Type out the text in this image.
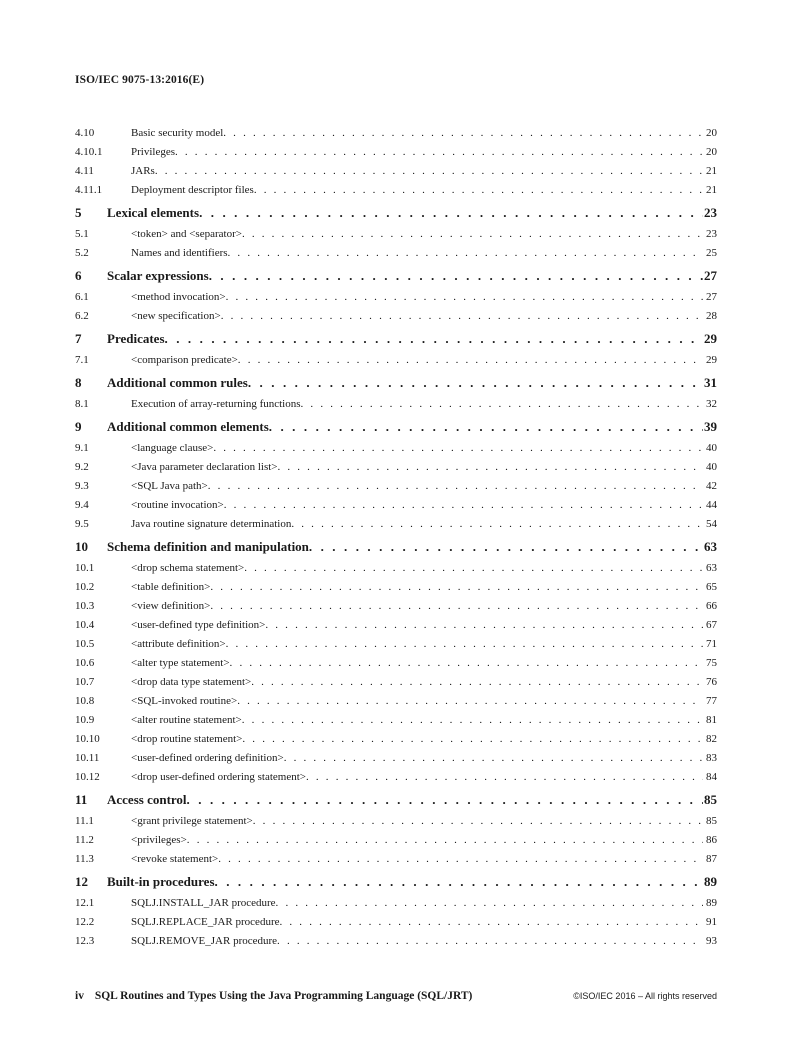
ISO/IEC 9075-13:2016(E)
4.10	Basic security model . . .	20
4.10.1	Privileges . . .	20
4.11	JARs . . .	21
4.11.1	Deployment descriptor files . . .	21
5	Lexical elements . . .	23
5.1	<token> and <separator> . . .	23
5.2	Names and identifiers . . .	25
6	Scalar expressions . . .	27
6.1	<method invocation> . . .	27
6.2	<new specification> . . .	28
7	Predicates . . .	29
7.1	<comparison predicate> . . .	29
8	Additional common rules . . .	31
8.1	Execution of array-returning functions . . .	32
9	Additional common elements . . .	39
9.1	<language clause> . . .	40
9.2	<Java parameter declaration list> . . .	40
9.3	<SQL Java path> . . .	42
9.4	<routine invocation> . . .	44
9.5	Java routine signature determination . . .	54
10	Schema definition and manipulation . . .	63
10.1	<drop schema statement> . . .	63
10.2	<table definition> . . .	65
10.3	<view definition> . . .	66
10.4	<user-defined type definition> . . .	67
10.5	<attribute definition> . . .	71
10.6	<alter type statement> . . .	75
10.7	<drop data type statement> . . .	76
10.8	<SQL-invoked routine> . . .	77
10.9	<alter routine statement> . . .	81
10.10	<drop routine statement> . . .	82
10.11	<user-defined ordering definition> . . .	83
10.12	<drop user-defined ordering statement> . . .	84
11	Access control . . .	85
11.1	<grant privilege statement> . . .	85
11.2	<privileges> . . .	86
11.3	<revoke statement> . . .	87
12	Built-in procedures . . .	89
12.1	SQLJ.INSTALL_JAR procedure . . .	89
12.2	SQLJ.REPLACE_JAR procedure . . .	91
12.3	SQLJ.REMOVE_JAR procedure . . .	93
iv SQL Routines and Types Using the Java Programming Language (SQL/JRT)	©ISO/IEC 2016 – All rights reserved
